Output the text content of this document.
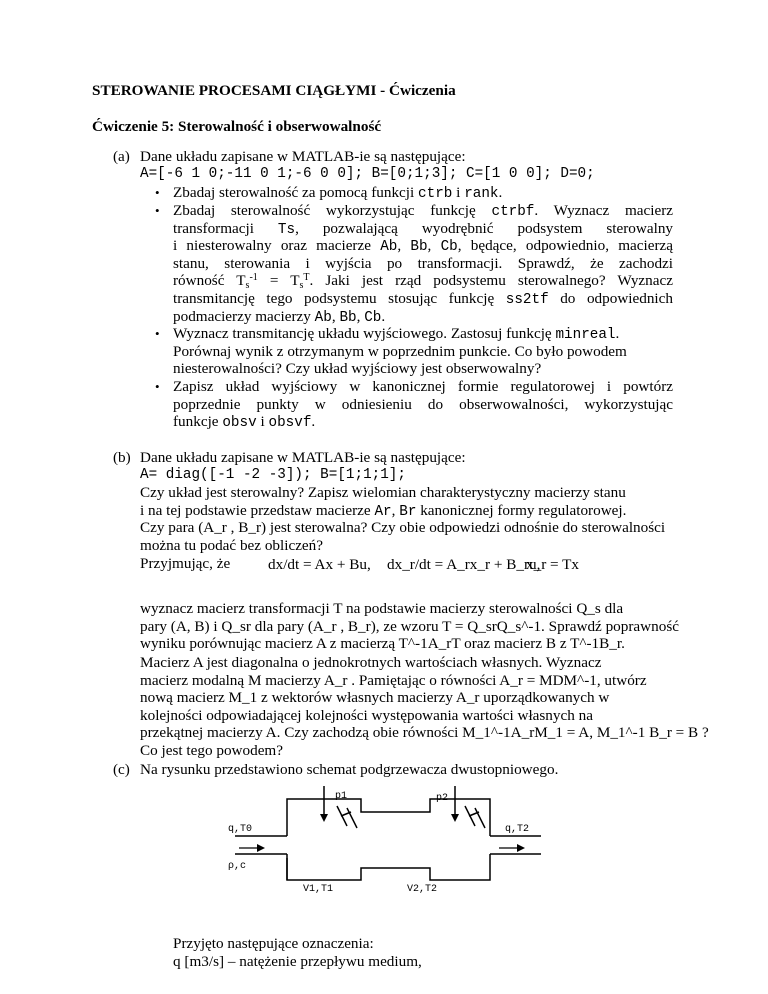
STEROWANIE PROCESAMI CIĄGŁYMI - Ćwiczenia
Ćwiczenie 5: Sterowalność i obserwowalność
(a) Dane układu zapisane w MATLAB-ie są następujące:
A=[-6 1 0;-11 0 1;-6 0 0]; B=[0;1;3]; C=[1 0 0]; D=0;
• Zbadaj sterowalność za pomocą funkcji ctrb i rank.
• Zbadaj sterowalność wykorzystując funkcję ctrbf. Wyznacz macierz
transformacji Ts, pozwalającą wyodrębnić podsystem sterowalny
i niesterowalny oraz macierze Ab, Bb, Cb, będące, odpowiednio, macierzą
stanu, sterowania i wyjścia po transformacji. Sprawdź, że zachodzi
równość $T_s^{-1} = T_s^T$. Jaki jest rząd podsystemu sterowalnego? Wyznacz
transmitancję tego podsystemu stosując funkcję ss2tf do odpowiednich
podmacierzy macierzy Ab, Bb, Cb.
• Wyznacz transmitancję układu wyjściowego. Zastosuj funkcję minreal.
Porównaj wynik z otrzymanym w poprzednim punkcie. Co było powodem
niesterowalności? Czy układ wyjściowy jest obserwowalny?
• Zapisz układ wyjściowy w kanonicznej formie regulatorowej i powtórz
poprzednie punkty w odniesieniu do obserwowalności, wykorzystując
funkcje obsv i obsvf.
(b) Dane układu zapisane w MATLAB-ie są następujące:
A= diag([-1 -2 -3]); B=[1;1;1];
Czy układ jest sterowalny? Zapisz wielomian charakterystyczny macierzy stanu
i na tej podstawie przedstaw macierze Ar, Br kanonicznej formy regulatorowej.
Czy para (A_r , B_r) jest sterowalna? Czy obie odpowiedzi odnośnie do sterowalności
można tu podać bez obliczeń?
Przyjmując, że	dx/dt = Ax + Bu, dx_r/dt = A_rx_r + B_ru,
x_r = Tx
wyznacz macierz transformacji T na podstawie macierzy sterowalności Q_s dla
pary (A, B) i Q_sr dla pary (A_r , B_r), ze wzoru T = Q_srQ_s^-1. Sprawdź poprawność
wyniku porównując macierz A z macierzą T^-1A_rT oraz macierz B z T^-1B_r.
Macierz A jest diagonalna o jednokrotnych wartościach własnych. Wyznacz
macierz modalną M macierzy A_r . Pamiętając o równości A_r = MDM^-1, utwórz
nową macierz M_1 z wektorów własnych macierzy A_r uporządkowanych w
kolejności odpowiadającej kolejności występowania wartości własnych na
przekątnej macierzy A. Czy zachodzą obie równości M_1^-1A_rM_1 = A, M_1^-1 B_r = B ?
Co jest tego powodem?
(c) Na rysunku przedstawiono schemat podgrzewacza dwustopniowego.
p1	p2
q,T0	q,T2
ρ,c
V1,T1	V2,T2
Przyjęto następujące oznaczenia:
q [m3/s] – natężenie przepływu medium,
